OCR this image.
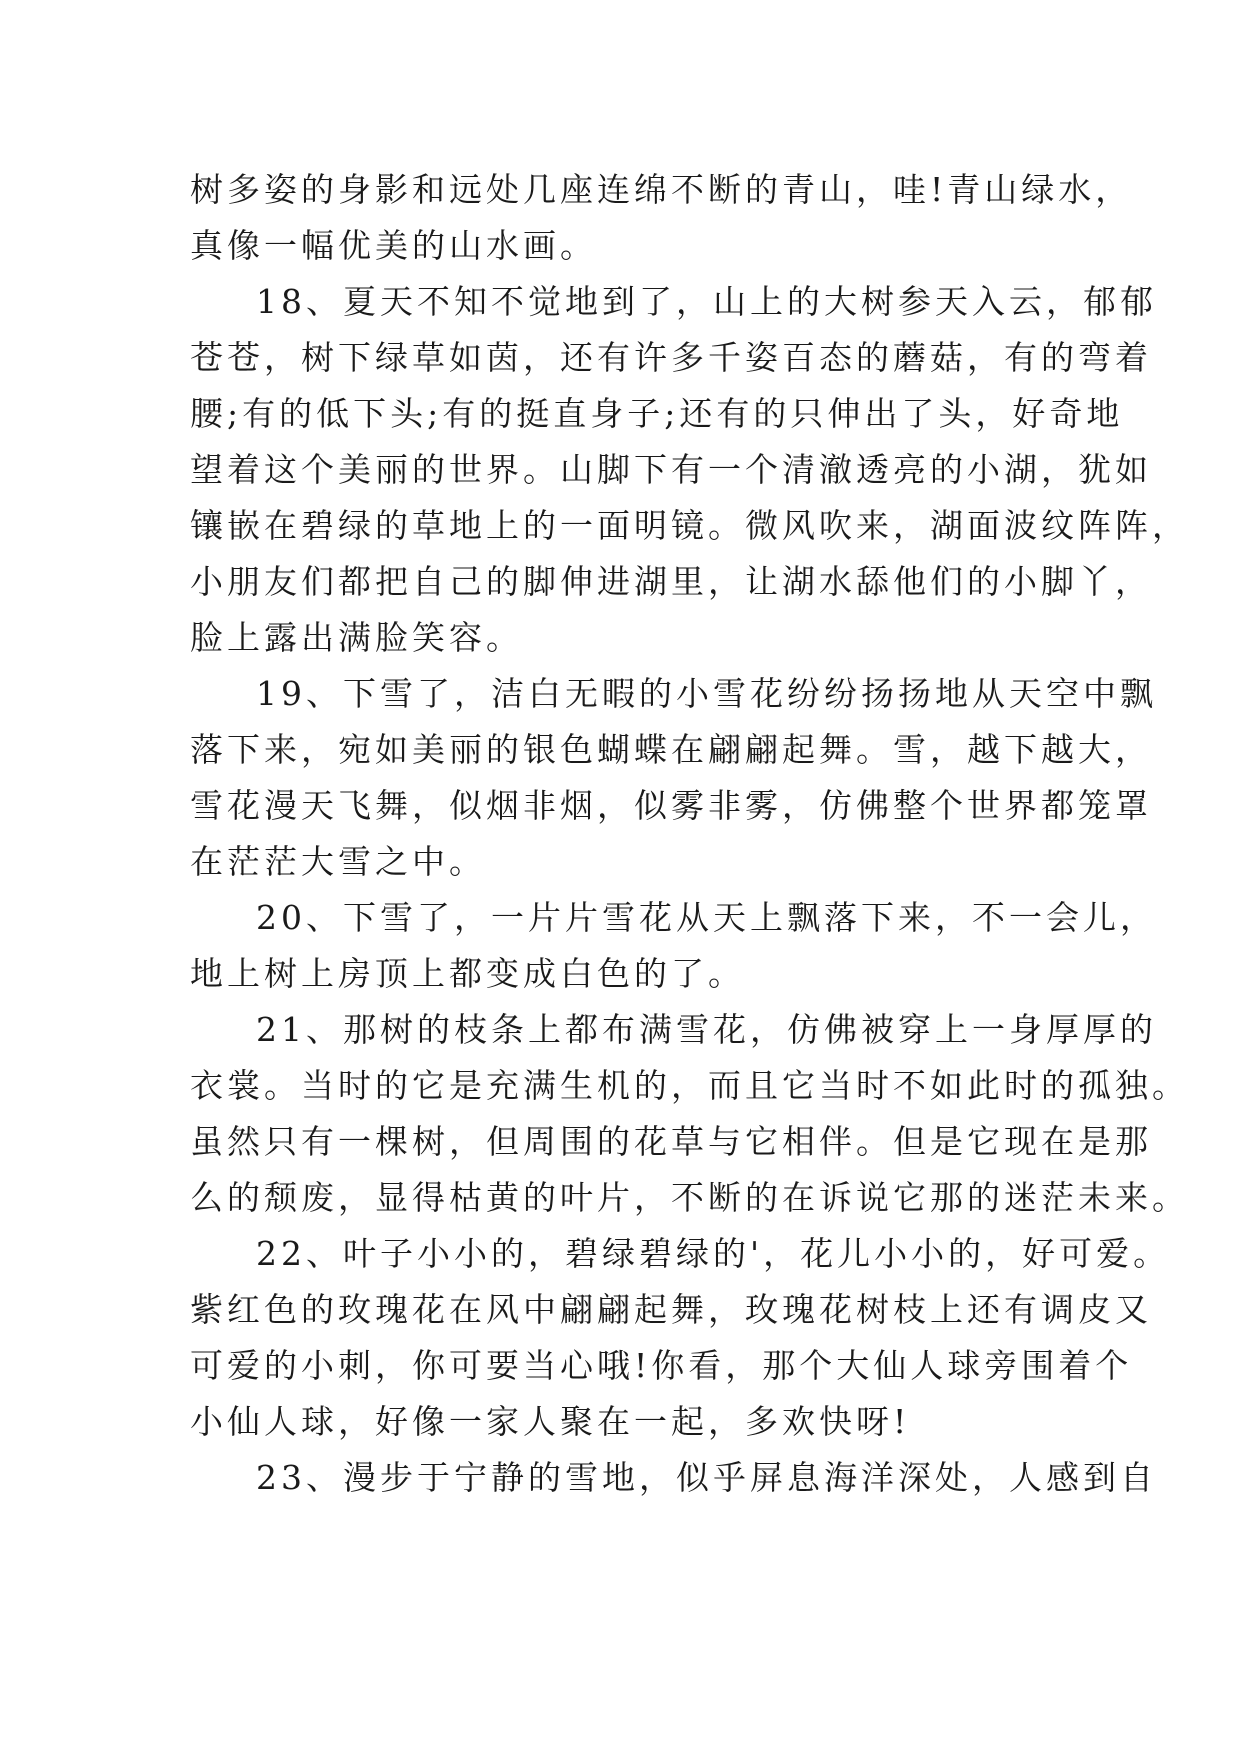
树多姿的身影和远处几座连绵不断的青山，哇!青山绿水，
真像一幅优美的山水画。
18、夏天不知不觉地到了，山上的大树参天入云，郁郁
苍苍，树下绿草如茵，还有许多千姿百态的蘑菇，有的弯着
腰;有的低下头;有的挺直身子;还有的只伸出了头，好奇地
望着这个美丽的世界。山脚下有一个清澈透亮的小湖，犹如
镶嵌在碧绿的草地上的一面明镜。微风吹来，湖面波纹阵阵，
小朋友们都把自己的脚伸进湖里，让湖水舔他们的小脚丫，
脸上露出满脸笑容。
19、下雪了，洁白无暇的小雪花纷纷扬扬地从天空中飘
落下来，宛如美丽的银色蝴蝶在翩翩起舞。雪，越下越大，
雪花漫天飞舞，似烟非烟，似雾非雾，仿佛整个世界都笼罩
在茫茫大雪之中。
20、下雪了，一片片雪花从天上飘落下来，不一会儿，
地上树上房顶上都变成白色的了。
21、那树的枝条上都布满雪花，仿佛被穿上一身厚厚的
衣裳。当时的它是充满生机的，而且它当时不如此时的孤独。
虽然只有一棵树，但周围的花草与它相伴。但是它现在是那
么的颓废，显得枯黄的叶片，不断的在诉说它那的迷茫未来。
22、叶子小小的，碧绿碧绿的'，花儿小小的，好可爱。
紫红色的玫瑰花在风中翩翩起舞，玫瑰花树枝上还有调皮又
可爱的小刺，你可要当心哦!你看，那个大仙人球旁围着个
小仙人球，好像一家人聚在一起，多欢快呀!
23、漫步于宁静的雪地，似乎屏息海洋深处，人感到自
